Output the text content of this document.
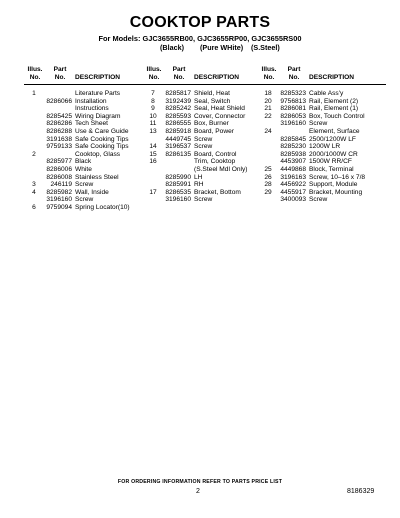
COOKTOP PARTS
For Models: GJC3655RB00, GJC3655RP00, GJC3655RS00
(Black) (Pure WHite) (S.Steel)
Illus.
No.
Part
No.	DESCRIPTION
1	Literature Parts
8286066 Installation
Instructions
8285425 Wiring Diagram
8286286 Tech Sheet
8286288 Use & Care Guide
3191638 Safe Cooking Tips
9759133 Safe Cooking Tips
2	Cooktop, Glass
8285977 Black
8286006 White
8286008 Stainless Steel
3	246119 Screw
4	8285982 Wall, Inside
3196160 Screw
6	9759094 Spring Locator(10)
Illus.
No.
Part
No.	DESCRIPTION
7	8285817 Shield, Heat
8	3192439 Seal, Switch
9	8285242 Seal, Heat Shield
10	8285593 Cover, Connector
11	8286555 Box, Burner
13	8285918 Board, Power
4449745 Screw
14	3196537 Screw
15	8286135 Board, Control
16	Trim, Cooktop
(S.Steel Mdl Only)
8285990 LH
8285991 RH
17	8286535 Bracket, Bottom
3196160 Screw
Illus.
No.
Part
No.	DESCRIPTION
18	8285323 Cable Ass'y
20	9756813 Rail, Element (2)
21	8286081 Rail, Element (1)
22	8286053 Box, Touch Control
3196160 Screw
24	Element, Surface
8285845 2500/1200W LF
8285230 1200W LR
8285938 2000/1000W CR
4453907 1500W RR/CF
25	4449868 Block, Terminal
26	3196163 Screw, 10–16 x 7/8
28	4456922 Support, Module
29	4455917 Bracket, Mounting
3400093 Screw
FOR ORDERING INFORMATION REFER TO PARTS PRICE LIST
2	8186329
